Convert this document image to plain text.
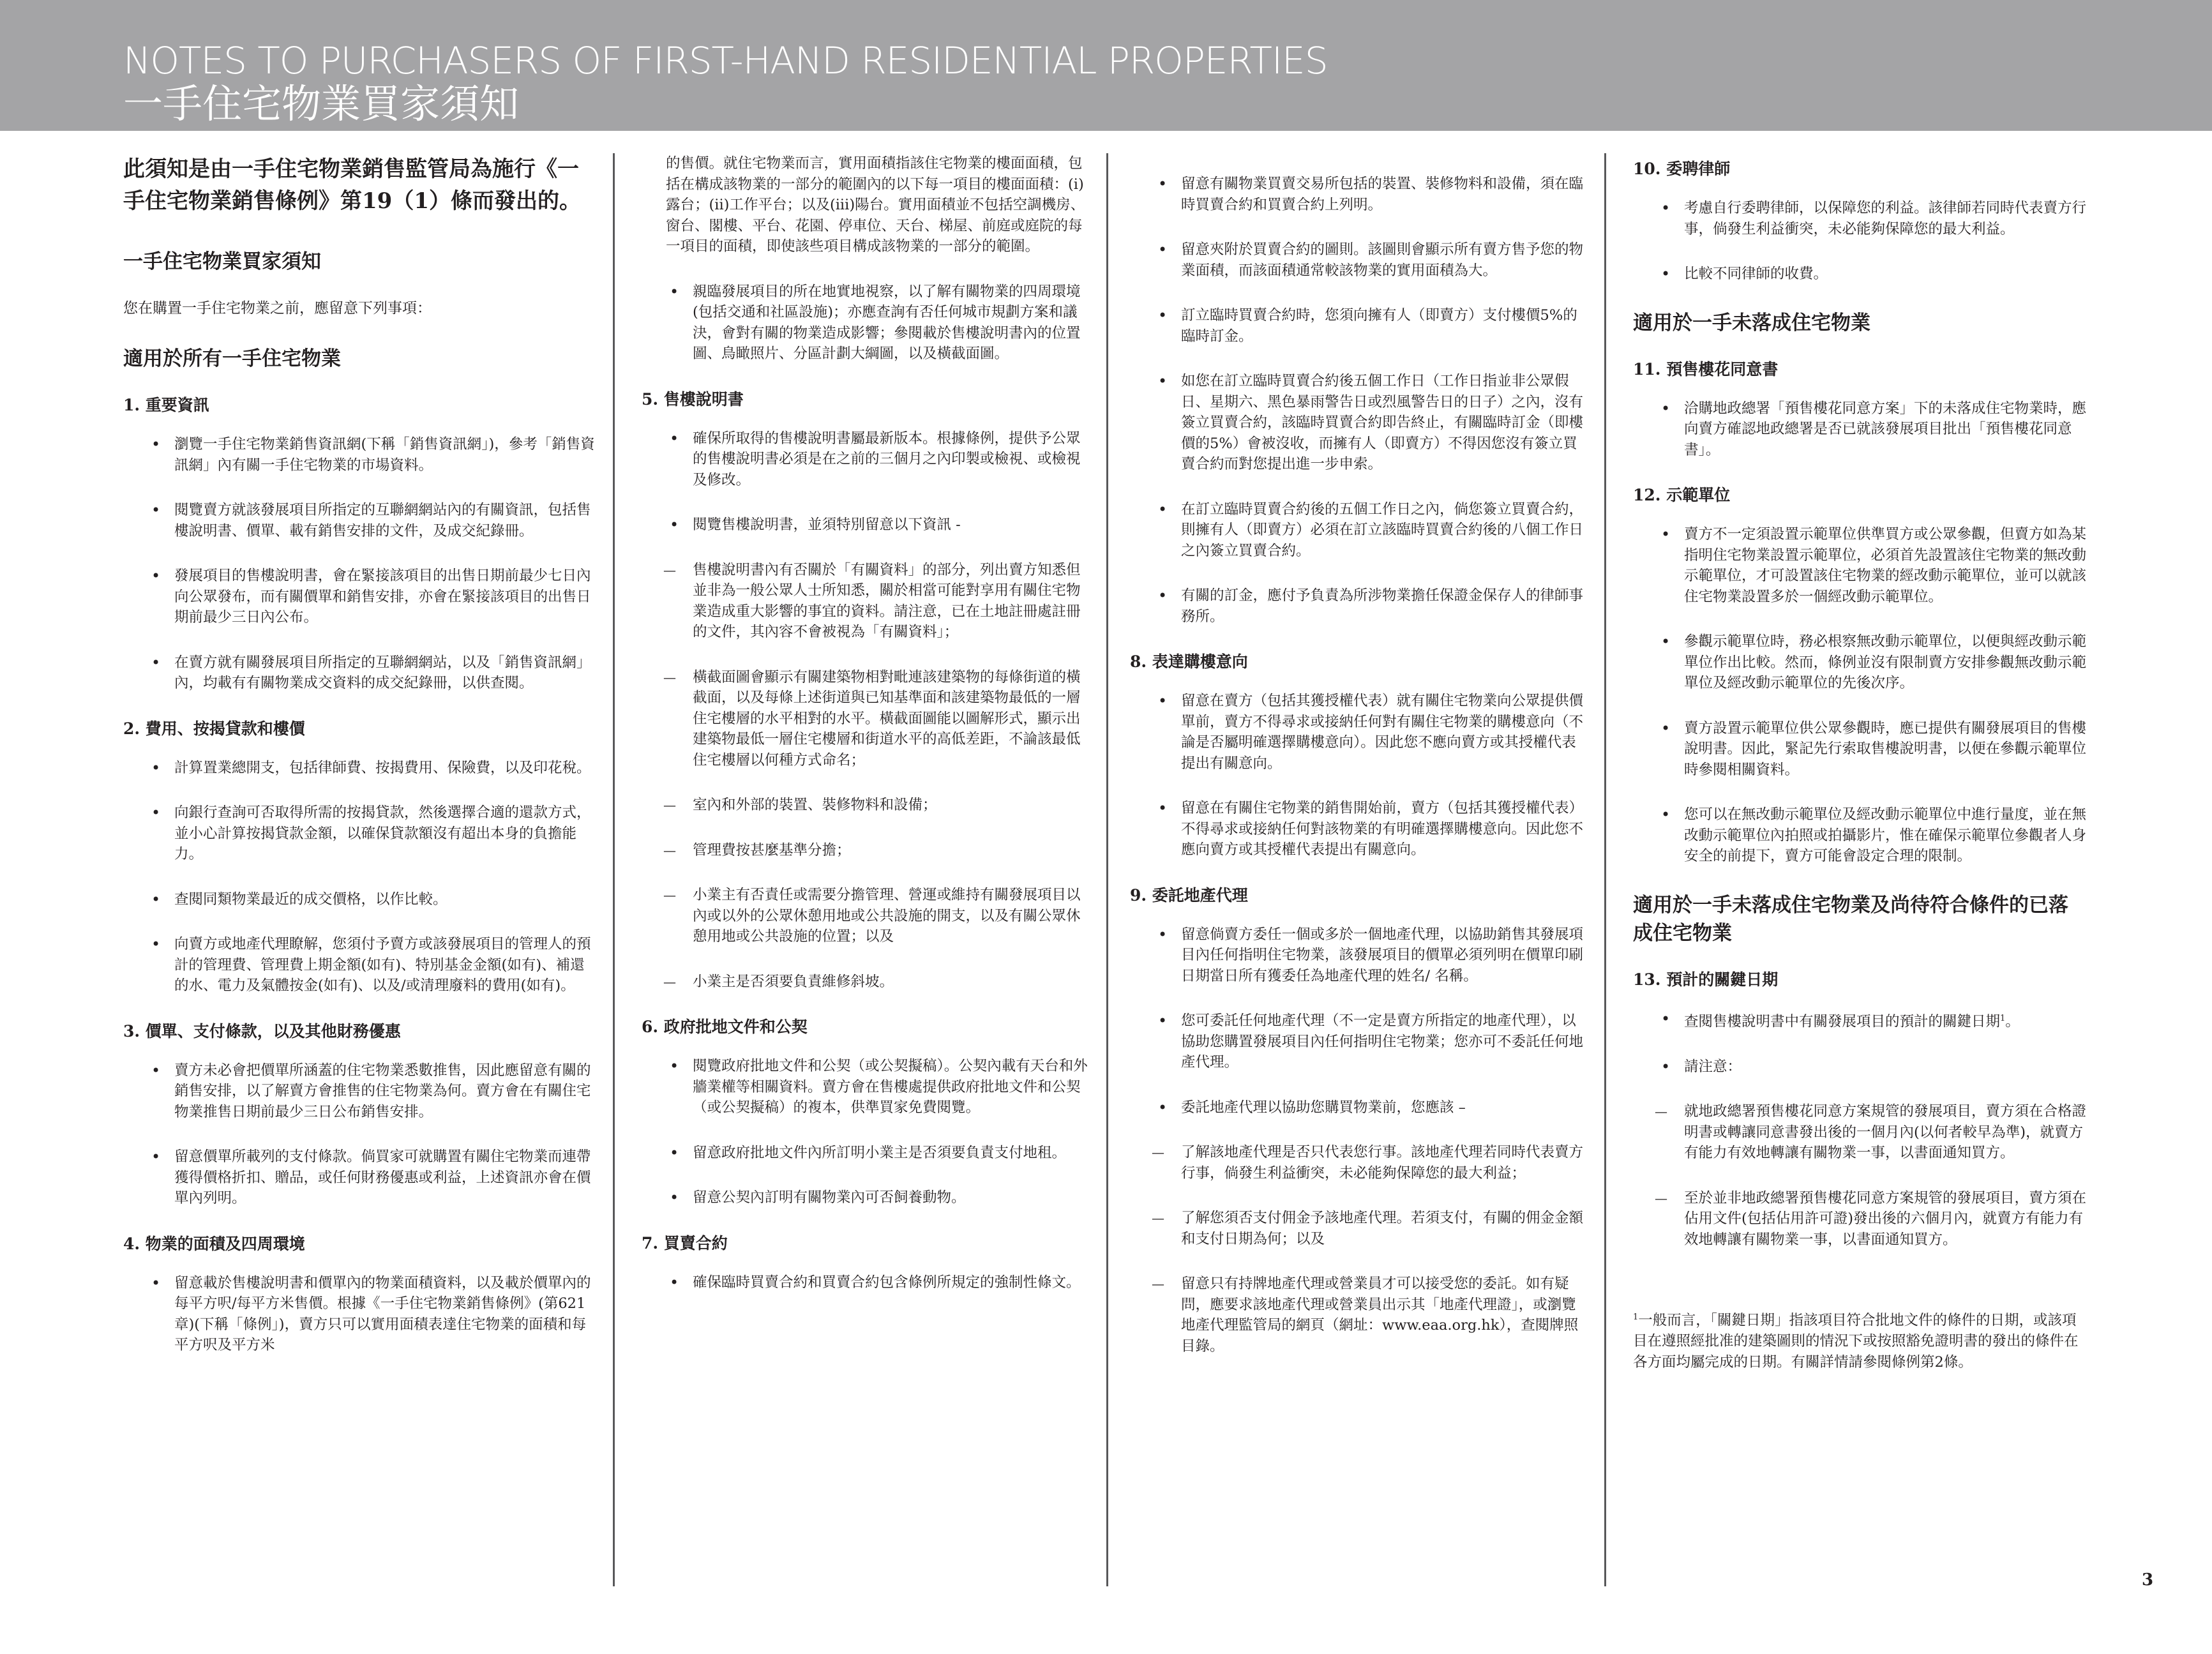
NOTES TO PURCHASERS OF FIRST-HAND RESIDENTIAL PROPERTIES

一手住宅物業買家須知

此須知是由一手住宅物業銷售監管局為施行《一手住宅物業銷售條例》第19（1）條而發出的。

一手住宅物業買家須知

您在購置一手住宅物業之前，應留意下列事項：

適用於所有一手住宅物業

1. 重要資訊

• 瀏覽一手住宅物業銷售資訊網(下稱「銷售資訊網」)，參考「銷售資訊網」內有關一手住宅物業的市場資料。
• 閱覽賣方就該發展項目所指定的互聯網網站內的有關資訊，包括售樓說明書、價單、載有銷售安排的文件，及成交紀錄冊。
• 發展項目的售樓說明書，會在緊接該項目的出售日期前最少七日內向公眾發布，而有關價單和銷售安排，亦會在緊接該項目的出售日期前最少三日內公布。
• 在賣方就有關發展項目所指定的互聯網網站，以及「銷售資訊網」內，均載有有關物業成交資料的成交紀錄冊，以供查閱。

2. 費用、按揭貸款和樓價

• 計算置業總開支，包括律師費、按揭費用、保險費，以及印花稅。
• 向銀行查詢可否取得所需的按揭貸款，然後選擇合適的還款方式，並小心計算按揭貸款金額，以確保貸款額沒有超出本身的負擔能力。
• 查閱同類物業最近的成交價格，以作比較。
• 向賣方或地產代理瞭解，您須付予賣方或該發展項目的管理人的預計的管理費、管理費上期金額(如有)、特別基金金額(如有)、補還的水、電力及氣體按金(如有)、以及/或清理廢料的費用(如有)。

3. 價單、支付條款，以及其他財務優惠

• 賣方未必會把價單所涵蓋的住宅物業悉數推售，因此應留意有關的銷售安排，以了解賣方會推售的住宅物業為何。賣方會在有關住宅物業推售日期前最少三日公布銷售安排。
• 留意價單所載列的支付條款。倘買家可就購置有關住宅物業而連帶獲得價格折扣、贈品，或任何財務優惠或利益，上述資訊亦會在價單內列明。

4. 物業的面積及四周環境

• 留意載於售樓說明書和價單內的物業面積資料，以及載於價單內的每平方呎/每平方米售價。根據《一手住宅物業銷售條例》(第621章)(下稱「條例」)，賣方只可以實用面積表達住宅物業的面積和每平方呎及平方米
的售價。就住宅物業而言，實用面積指該住宅物業的樓面面積，包括在構成該物業的一部分的範圍內的以下每一項目的樓面面積：(i)露台；(ii)工作平台；以及(iii)陽台。實用面積並不包括空調機房、窗台、閣樓、平台、花園、停車位、天台、梯屋、前庭或庭院的每一項目的面積，即使該些項目構成該物業的一部分的範圍。
• 親臨發展項目的所在地實地視察，以了解有關物業的四周環境(包括交通和社區設施)；亦應查詢有否任何城市規劃方案和議決，會對有關的物業造成影響；參閱載於售樓說明書內的位置圖、鳥瞰照片、分區計劃大綱圖，以及橫截面圖。

5. 售樓說明書

• 確保所取得的售樓說明書屬最新版本。根據條例，提供予公眾的售樓說明書必須是在之前的三個月之內印製或檢視、或檢視及修改。
• 閱覽售樓說明書，並須特別留意以下資訊 -
— 售樓說明書內有否關於「有關資料」的部分，列出賣方知悉但並非為一般公眾人士所知悉，關於相當可能對享用有關住宅物業造成重大影響的事宜的資料。請注意，已在土地註冊處註冊的文件，其內容不會被視為「有關資料」；
— 橫截面圖會顯示有關建築物相對毗連該建築物的每條街道的橫截面，以及每條上述街道與已知基準面和該建築物最低的一層住宅樓層的水平相對的水平。橫截面圖能以圖解形式，顯示出建築物最低一層住宅樓層和街道水平的高低差距，不論該最低住宅樓層以何種方式命名；
— 室內和外部的裝置、裝修物料和設備；
— 管理費按甚麼基準分擔；
— 小業主有否責任或需要分擔管理、營運或維持有關發展項目以內或以外的公眾休憩用地或公共設施的開支，以及有關公眾休憩用地或公共設施的位置；以及
— 小業主是否須要負責維修斜坡。

6. 政府批地文件和公契

• 閱覽政府批地文件和公契（或公契擬稿）。公契內載有天台和外牆業權等相關資料。賣方會在售樓處提供政府批地文件和公契（或公契擬稿）的複本，供準買家免費閱覽。
• 留意政府批地文件內所訂明小業主是否須要負責支付地租。
• 留意公契內訂明有關物業內可否飼養動物。

7. 買賣合約

• 確保臨時買賣合約和買賣合約包含條例所規定的強制性條文。
• 留意有關物業買賣交易所包括的裝置、裝修物料和設備，須在臨時買賣合約和買賣合約上列明。
• 留意夾附於買賣合約的圖則。該圖則會顯示所有賣方售予您的物業面積，而該面積通常較該物業的實用面積為大。
• 訂立臨時買賣合約時，您須向擁有人（即賣方）支付樓價5%的臨時訂金。
• 如您在訂立臨時買賣合約後五個工作日（工作日指並非公眾假日、星期六、黑色暴雨警告日或烈風警告日的日子）之內，沒有簽立買賣合約，該臨時買賣合約即告終止，有關臨時訂金（即樓價的5%）會被沒收，而擁有人（即賣方）不得因您沒有簽立買賣合約而對您提出進一步申索。
• 在訂立臨時買賣合約後的五個工作日之內，倘您簽立買賣合約，則擁有人（即賣方）必須在訂立該臨時買賣合約後的八個工作日之內簽立買賣合約。
• 有關的訂金，應付予負責為所涉物業擔任保證金保存人的律師事務所。

8. 表達購樓意向

• 留意在賣方（包括其獲授權代表）就有關住宅物業向公眾提供價單前，賣方不得尋求或接納任何對有關住宅物業的購樓意向（不論是否屬明確選擇購樓意向）。因此您不應向賣方或其授權代表提出有關意向。
• 留意在有關住宅物業的銷售開始前，賣方（包括其獲授權代表）不得尋求或接納任何對該物業的有明確選擇購樓意向。因此您不應向賣方或其授權代表提出有關意向。

9. 委託地產代理

• 留意倘賣方委任一個或多於一個地產代理，以協助銷售其發展項目內任何指明住宅物業，該發展項目的價單必須列明在價單印刷日期當日所有獲委任為地產代理的姓名/ 名稱。
• 您可委託任何地產代理（不一定是賣方所指定的地產代理），以協助您購置發展項目內任何指明住宅物業；您亦可不委託任何地產代理。
• 委託地產代理以協助您購買物業前，您應該 –
— 了解該地產代理是否只代表您行事。該地產代理若同時代表賣方行事，倘發生利益衝突，未必能夠保障您的最大利益；
— 了解您須否支付佣金予該地產代理。若須支付，有關的佣金金額和支付日期為何；以及
— 留意只有持牌地產代理或營業員才可以接受您的委託。如有疑問，應要求該地產代理或營業員出示其「地產代理證」，或瀏覽地產代理監管局的網頁（網址：www.eaa.org.hk），查閱牌照目錄。

10. 委聘律師

• 考慮自行委聘律師，以保障您的利益。該律師若同時代表賣方行事，倘發生利益衝突，未必能夠保障您的最大利益。
• 比較不同律師的收費。

適用於一手未落成住宅物業

11. 預售樓花同意書

• 洽購地政總署「預售樓花同意方案」下的未落成住宅物業時，應向賣方確認地政總署是否已就該發展項目批出「預售樓花同意書」。

12. 示範單位

• 賣方不一定須設置示範單位供準買方或公眾參觀，但賣方如為某指明住宅物業設置示範單位，必須首先設置該住宅物業的無改動示範單位，才可設置該住宅物業的經改動示範單位，並可以就該住宅物業設置多於一個經改動示範單位。
• 參觀示範單位時，務必根察無改動示範單位，以便與經改動示範單位作出比較。然而，條例並沒有限制賣方安排參觀無改動示範單位及經改動示範單位的先後次序。
• 賣方設置示範單位供公眾參觀時，應已提供有關發展項目的售樓說明書。因此，緊記先行索取售樓說明書，以便在參觀示範單位時參閱相關資料。
• 您可以在無改動示範單位及經改動示範單位中進行量度，並在無改動示範單位內拍照或拍攝影片，惟在確保示範單位參觀者人身安全的前提下，賣方可能會設定合理的限制。

適用於一手未落成住宅物業及尚待符合條件的已落成住宅物業

13. 預計的關鍵日期

• 查閱售樓說明書中有關發展項目的預計的關鍵日期$^1$。
• 請注意：
— 就地政總署預售樓花同意方案規管的發展項目，賣方須在合格證明書或轉讓同意書發出後的一個月內(以何者較早為準)，就賣方有能力有效地轉讓有關物業一事，以書面通知買方。
— 至於並非地政總署預售樓花同意方案規管的發展項目，賣方須在佔用文件(包括佔用許可證)發出後的六個月內，就賣方有能力有效地轉讓有關物業一事，以書面通知買方。

$^1$一般而言，「關鍵日期」指該項目符合批地文件的條件的日期，或該項目在遵照經批准的建築圖則的情況下或按照豁免證明書的發出的條件在各方面均屬完成的日期。有關詳情請參閱條例第2條。

3
